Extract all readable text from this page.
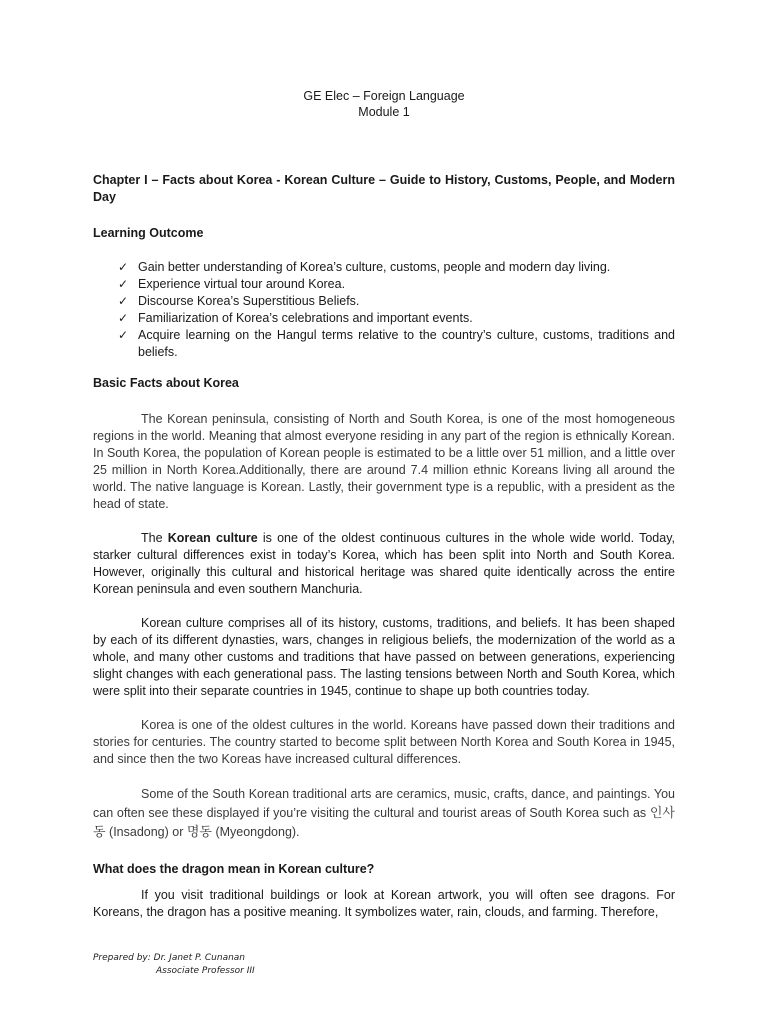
GE Elec – Foreign Language
Module 1
Chapter I – Facts about Korea - Korean Culture – Guide to History, Customs, People, and Modern Day
Learning Outcome
✓ Gain better understanding of Korea’s culture, customs, people and modern day living.
✓ Experience virtual tour around Korea.
✓ Discourse Korea’s Superstitious Beliefs.
✓ Familiarization of Korea’s celebrations and important events.
✓ Acquire learning on the Hangul terms relative to the country’s culture, customs, traditions and beliefs.
Basic Facts about Korea

The Korean peninsula, consisting of North and South Korea, is one of the most homogeneous regions in the world. Meaning that almost everyone residing in any part of the region is ethnically Korean. In South Korea, the population of Korean people is estimated to be a little over 51 million, and a little over 25 million in North Korea.Additionally, there are around 7.4 million ethnic Koreans living all around the world. The native language is Korean. Lastly, their government type is a republic, with a president as the head of state.

The Korean culture is one of the oldest continuous cultures in the whole wide world. Today, starker cultural differences exist in today’s Korea, which has been split into North and South Korea. However, originally this cultural and historical heritage was shared quite identically across the entire Korean peninsula and even southern Manchuria.

Korean culture comprises all of its history, customs, traditions, and beliefs. It has been shaped by each of its different dynasties, wars, changes in religious beliefs, the modernization of the world as a whole, and many other customs and traditions that have passed on between generations, experiencing slight changes with each generational pass. The lasting tensions between North and South Korea, which were split into their separate countries in 1945, continue to shape up both countries today.

Korea is one of the oldest cultures in the world. Koreans have passed down their traditions and stories for centuries. The country started to become split between North Korea and South Korea in 1945, and since then the two Koreas have increased cultural differences.

Some of the South Korean traditional arts are ceramics, music, crafts, dance, and paintings. You can often see these displayed if you’re visiting the cultural and tourist areas of South Korea such as 인사동 (Insadong) or 명동 (Myeongdong).

What does the dragon mean in Korean culture?

If you visit traditional buildings or look at Korean artwork, you will often see dragons. For Koreans, the dragon has a positive meaning. It symbolizes water, rain, clouds, and farming. Therefore,

Prepared by: Dr. Janet P. Cunanan
Associate Professor III
